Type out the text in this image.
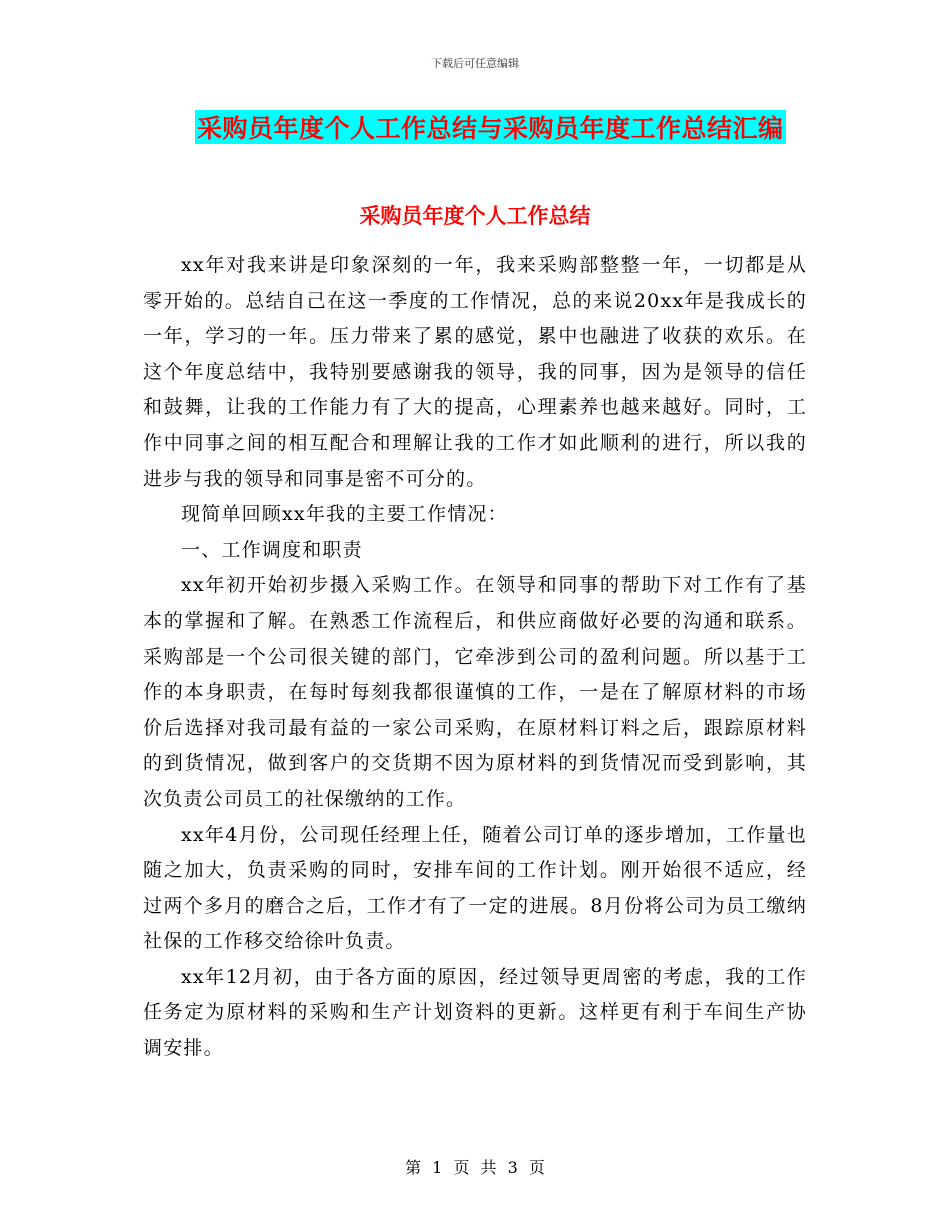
下载后可任意编辑
采购员年度个人工作总结与采购员年度工作总结汇编
采购员年度个人工作总结

xx年对我来讲是印象深刻的一年，我来采购部整整一年，一切都是从零开始的。总结自己在这一季度的工作情况，总的来说20xx年是我成长的一年，学习的一年。压力带来了累的感觉，累中也融进了收获的欢乐。在这个年度总结中，我特别要感谢我的领导，我的同事，因为是领导的信任和鼓舞，让我的工作能力有了大的提高，心理素养也越来越好。同时，工作中同事之间的相互配合和理解让我的工作才如此顺利的进行，所以我的进步与我的领导和同事是密不可分的。

现简单回顾xx年我的主要工作情况：

一、工作调度和职责

xx年初开始初步摄入采购工作。在领导和同事的帮助下对工作有了基本的掌握和了解。在熟悉工作流程后，和供应商做好必要的沟通和联系。采购部是一个公司很关键的部门，它牵涉到公司的盈利问题。所以基于工作的本身职责，在每时每刻我都很谨慎的工作，一是在了解原材料的市场价后选择对我司最有益的一家公司采购，在原材料订料之后，跟踪原材料的到货情况，做到客户的交货期不因为原材料的到货情况而受到影响，其次负责公司员工的社保缴纳的工作。

xx年4月份，公司现任经理上任，随着公司订单的逐步增加，工作量也随之加大，负责采购的同时，安排车间的工作计划。刚开始很不适应，经过两个多月的磨合之后，工作才有了一定的进展。8月份将公司为员工缴纳社保的工作移交给徐叶负责。

xx年12月初，由于各方面的原因，经过领导更周密的考虑，我的工作任务定为原材料的采购和生产计划资料的更新。这样更有利于车间生产协调安排。

第 1 页 共 3 页
